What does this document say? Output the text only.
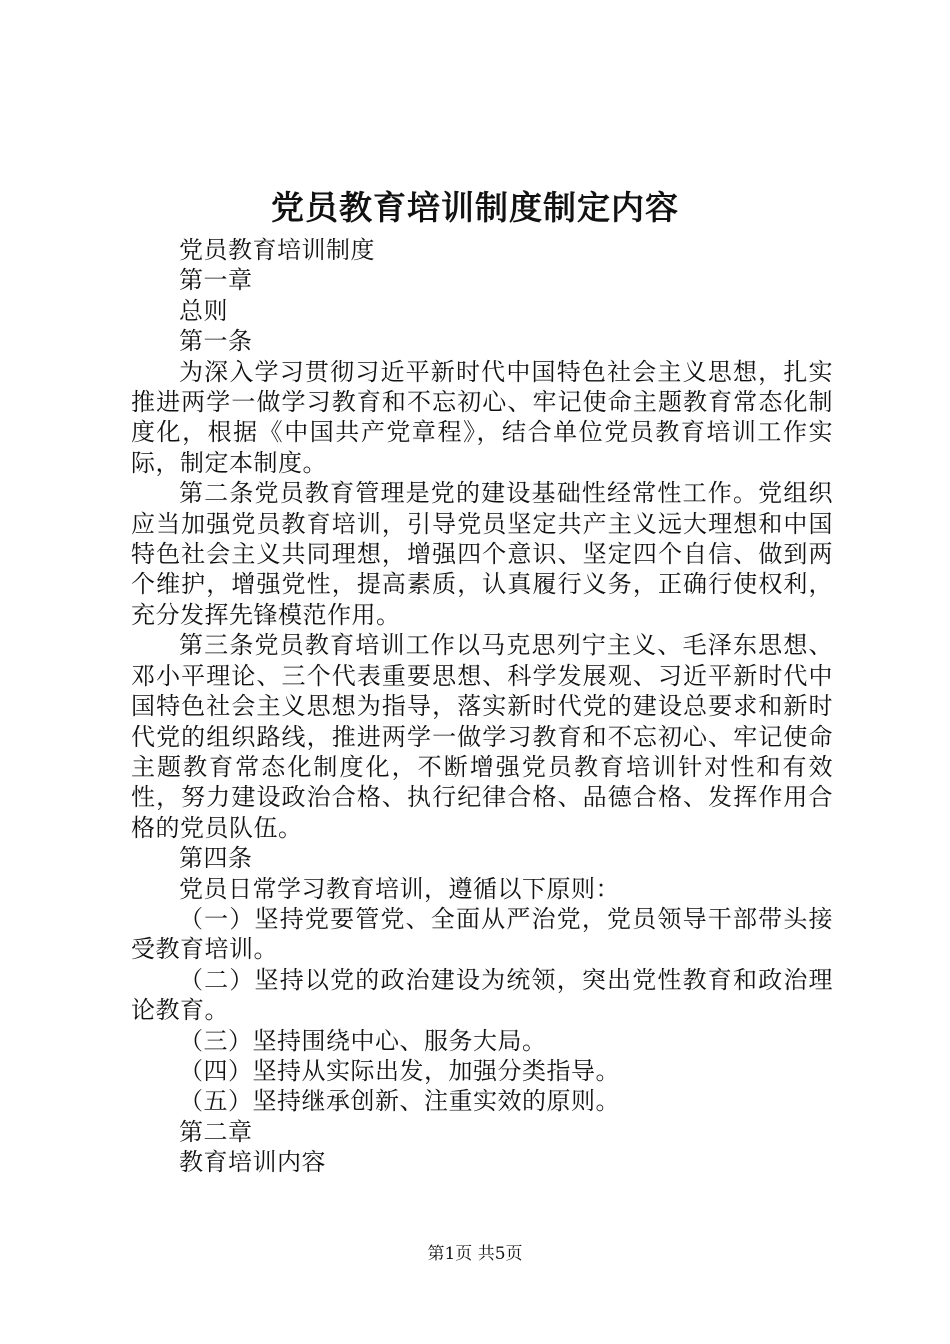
党员教育培训制度制定内容

党员教育培训制度

第一章

总则

第一条

为深入学习贯彻习近平新时代中国特色社会主义思想，扎实推进两学一做学习教育和不忘初心、牢记使命主题教育常态化制度化，根据《中国共产党章程》，结合单位党员教育培训工作实际，制定本制度。

第二条党员教育管理是党的建设基础性经常性工作。党组织应当加强党员教育培训，引导党员坚定共产主义远大理想和中国特色社会主义共同理想，增强四个意识、坚定四个自信、做到两个维护，增强党性，提高素质，认真履行义务，正确行使权利，充分发挥先锋模范作用。

第三条党员教育培训工作以马克思列宁主义、毛泽东思想、邓小平理论、三个代表重要思想、科学发展观、习近平新时代中国特色社会主义思想为指导，落实新时代党的建设总要求和新时代党的组织路线，推进两学一做学习教育和不忘初心、牢记使命主题教育常态化制度化，不断增强党员教育培训针对性和有效性，努力建设政治合格、执行纪律合格、品德合格、发挥作用合格的党员队伍。

第四条

党员日常学习教育培训，遵循以下原则：

（一）坚持党要管党、全面从严治党，党员领导干部带头接受教育培训。

（二）坚持以党的政治建设为统领，突出党性教育和政治理论教育。

（三）坚持围绕中心、服务大局。

（四）坚持从实际出发，加强分类指导。

（五）坚持继承创新、注重实效的原则。

第二章

教育培训内容

第1页 共5页
